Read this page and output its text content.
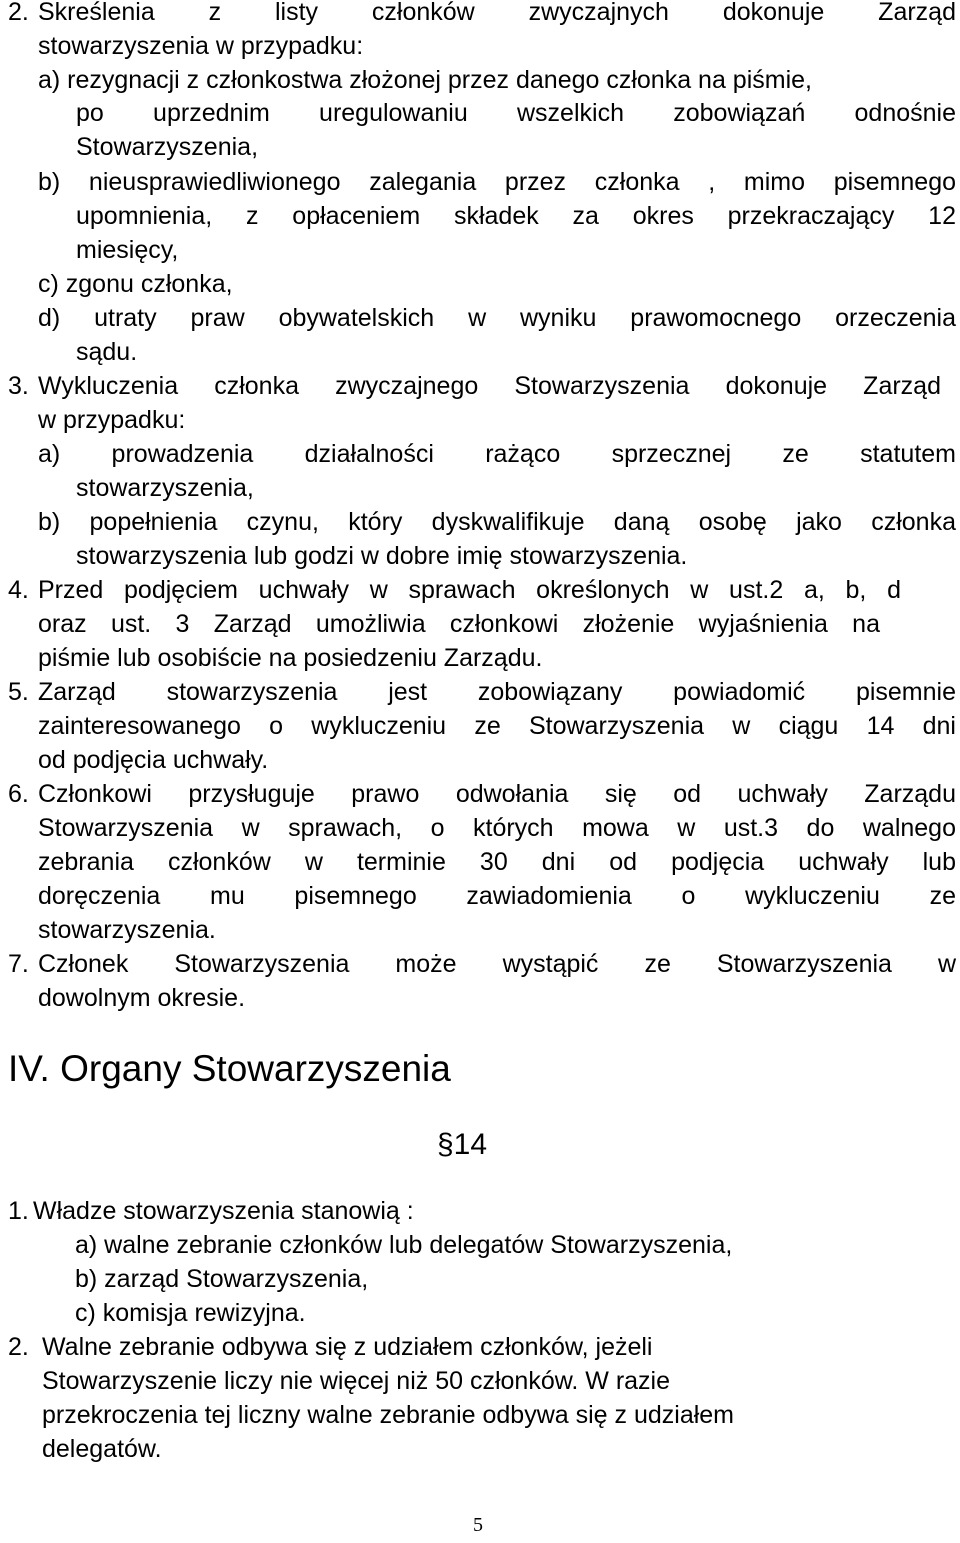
2. Skreślenia z listy członków zwyczajnych dokonuje Zarząd

stowarzyszenia w przypadku:

a) rezygnacji z członkostwa złożonej przez danego członka na piśmie,

po uprzednim uregulowaniu wszelkich zobowiązań odnośnie

Stowarzyszenia,

b) nieusprawiedliwionego zalegania przez członka , mimo pisemnego

upomnienia, z opłaceniem składek za okres przekraczający 12

miesięcy,

c) zgonu członka,

d) utraty praw obywatelskich w wyniku prawomocnego orzeczenia

sądu.

3. Wykluczenia członka zwyczajnego Stowarzyszenia dokonuje Zarząd

w przypadku:

a) prowadzenia działalności rażąco sprzecznej ze statutem

stowarzyszenia,

b) popełnienia czynu, który dyskwalifikuje daną osobę jako członka

stowarzyszenia lub godzi w dobre imię stowarzyszenia.

4. Przed podjęciem uchwały w sprawach określonych w ust.2 a, b, d

oraz ust. 3 Zarząd umożliwia członkowi złożenie wyjaśnienia na

piśmie lub osobiście na posiedzeniu Zarządu.

5. Zarząd stowarzyszenia jest zobowiązany powiadomić pisemnie

zainteresowanego o wykluczeniu ze Stowarzyszenia w ciągu 14 dni

od podjęcia uchwały.

6. Członkowi przysługuje prawo odwołania się od uchwały Zarządu

Stowarzyszenia w sprawach, o których mowa w ust.3 do walnego

zebrania członków w terminie 30 dni od podjęcia uchwały lub

doręczenia mu pisemnego zawiadomienia o wykluczeniu ze

stowarzyszenia.

7. Członek Stowarzyszenia może wystąpić ze Stowarzyszenia w

dowolnym okresie.

IV. Organy Stowarzyszenia
§14
1. Władze stowarzyszenia stanowią :

a) walne zebranie członków lub delegatów Stowarzyszenia,

b) zarząd Stowarzyszenia,

c) komisja rewizyjna.

2. Walne zebranie odbywa się z udziałem członków, jeżeli

Stowarzyszenie liczy nie więcej niż 50 członków. W razie

przekroczenia tej liczny walne zebranie odbywa się z udziałem

delegatów.

5
